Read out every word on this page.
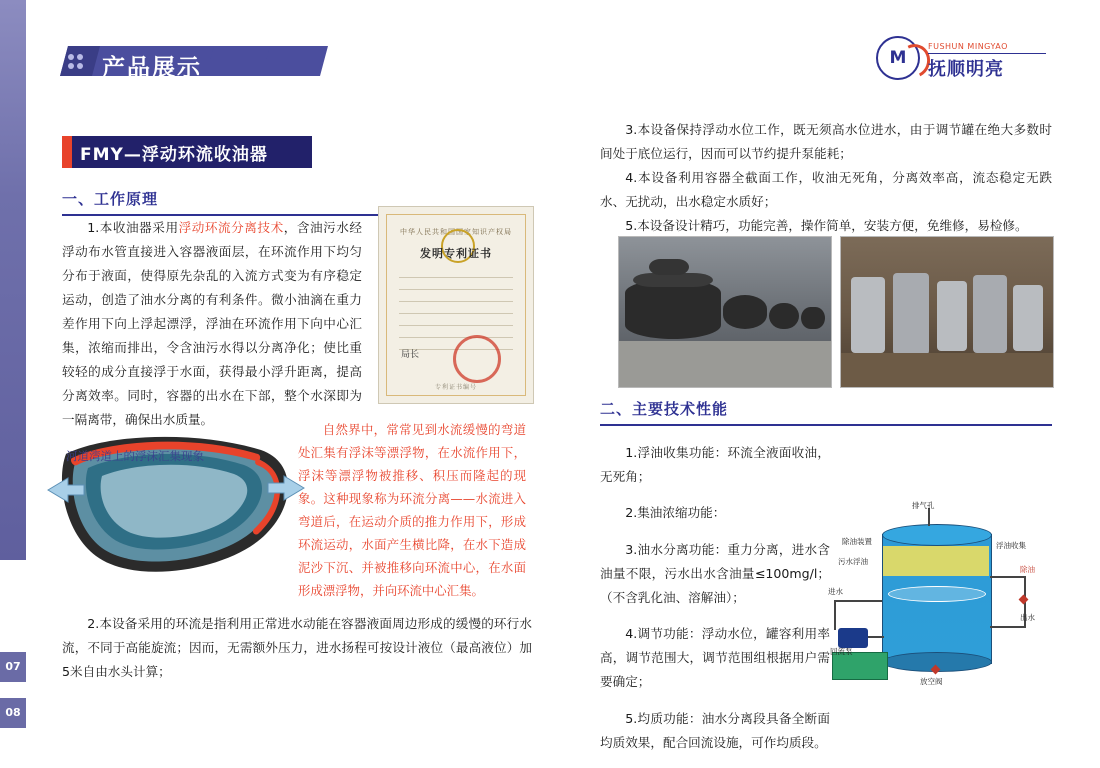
07
08
产品展示	M
FUSHUN MINGYAO
抚顺明亮
FMY—浮动环流收油器
一、工作原理
1.本收油器采用浮动环流分离技术，含油污水经浮动布水管直接进入容器液面层，在环流作用下均匀分布于液面，使得原先杂乱的入流方式变为有序稳定运动，创造了油水分离的有利条件。微小油滴在重力差作用下向上浮起漂浮，浮油在环流作用下向中心汇集，浓缩而排出，令含油污水得以分离净化；使比重较轻的成分直接浮于水面，获得最小浮升距离，提高分离效率。同时，容器的出水在下部，整个水深即为一隔离带，确保出水质量。
中华人民共和国国家知识产权局
发明专利证书
局长
专利证书编号
河道湾道上的浮沫汇集现象
自然界中，常常见到水流缓慢的弯道处汇集有浮沫等漂浮物，在水流作用下，浮沫等漂浮物被推移、积压而隆起的现象。这种现象称为环流分离——水流进入弯道后，在运动介质的推力作用下，形成环流运动，水面产生横比降，在水下造成泥沙下沉、并被推移向环流中心，在水面形成漂浮物，并向环流中心汇集。
2.本设备采用的环流是指利用正常进水动能在容器液面周边形成的缓慢的环行水流，不同于高能旋流；因而，无需额外压力，进水扬程可按设计液位（最高液位）加5米自由水头计算；

3.本设备保持浮动水位工作，既无须高水位进水，由于调节罐在绝大多数时间处于底位运行，因而可以节约提升泵能耗；

4.本设备利用容器全截面工作，收油无死角，分离效率高，流态稳定无跌水、无扰动，出水稳定水质好；

5.本设备设计精巧，功能完善，操作简单，安装方便，免维修，易检修。

二、主要技术性能

1.浮油收集功能：环流全液面收油，无死角；

2.集油浓缩功能：

3.油水分离功能：重力分离，进水含油量不限，污水出水含油量≤100mg/l；（不含乳化油、溶解油）；

4.调节功能：浮动水位，罐容利用率高，调节范围大，调节范围组根据用户需要确定；

5.均质功能：油水分离段具备全断面均质效果，配合回流设施，可作均质段。

排气孔
除油装置
污水浮油
浮油收集
除油
进水
出水
回流泵
放空阀
